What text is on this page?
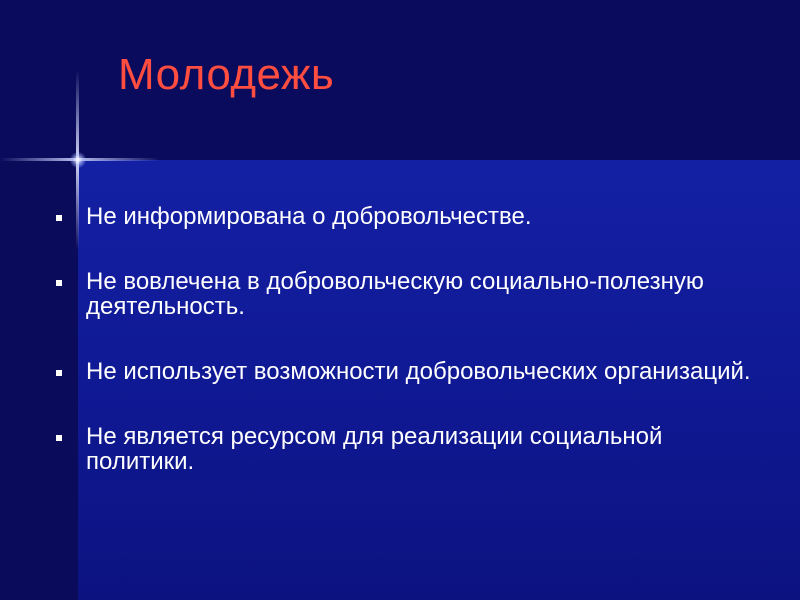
Молодежь
Не информирована о добровольчестве.
Не вовлечена в добровольческую социально-полезную деятельность.
Не использует возможности добровольческих организаций.
Не является ресурсом для реализации социальной политики.
